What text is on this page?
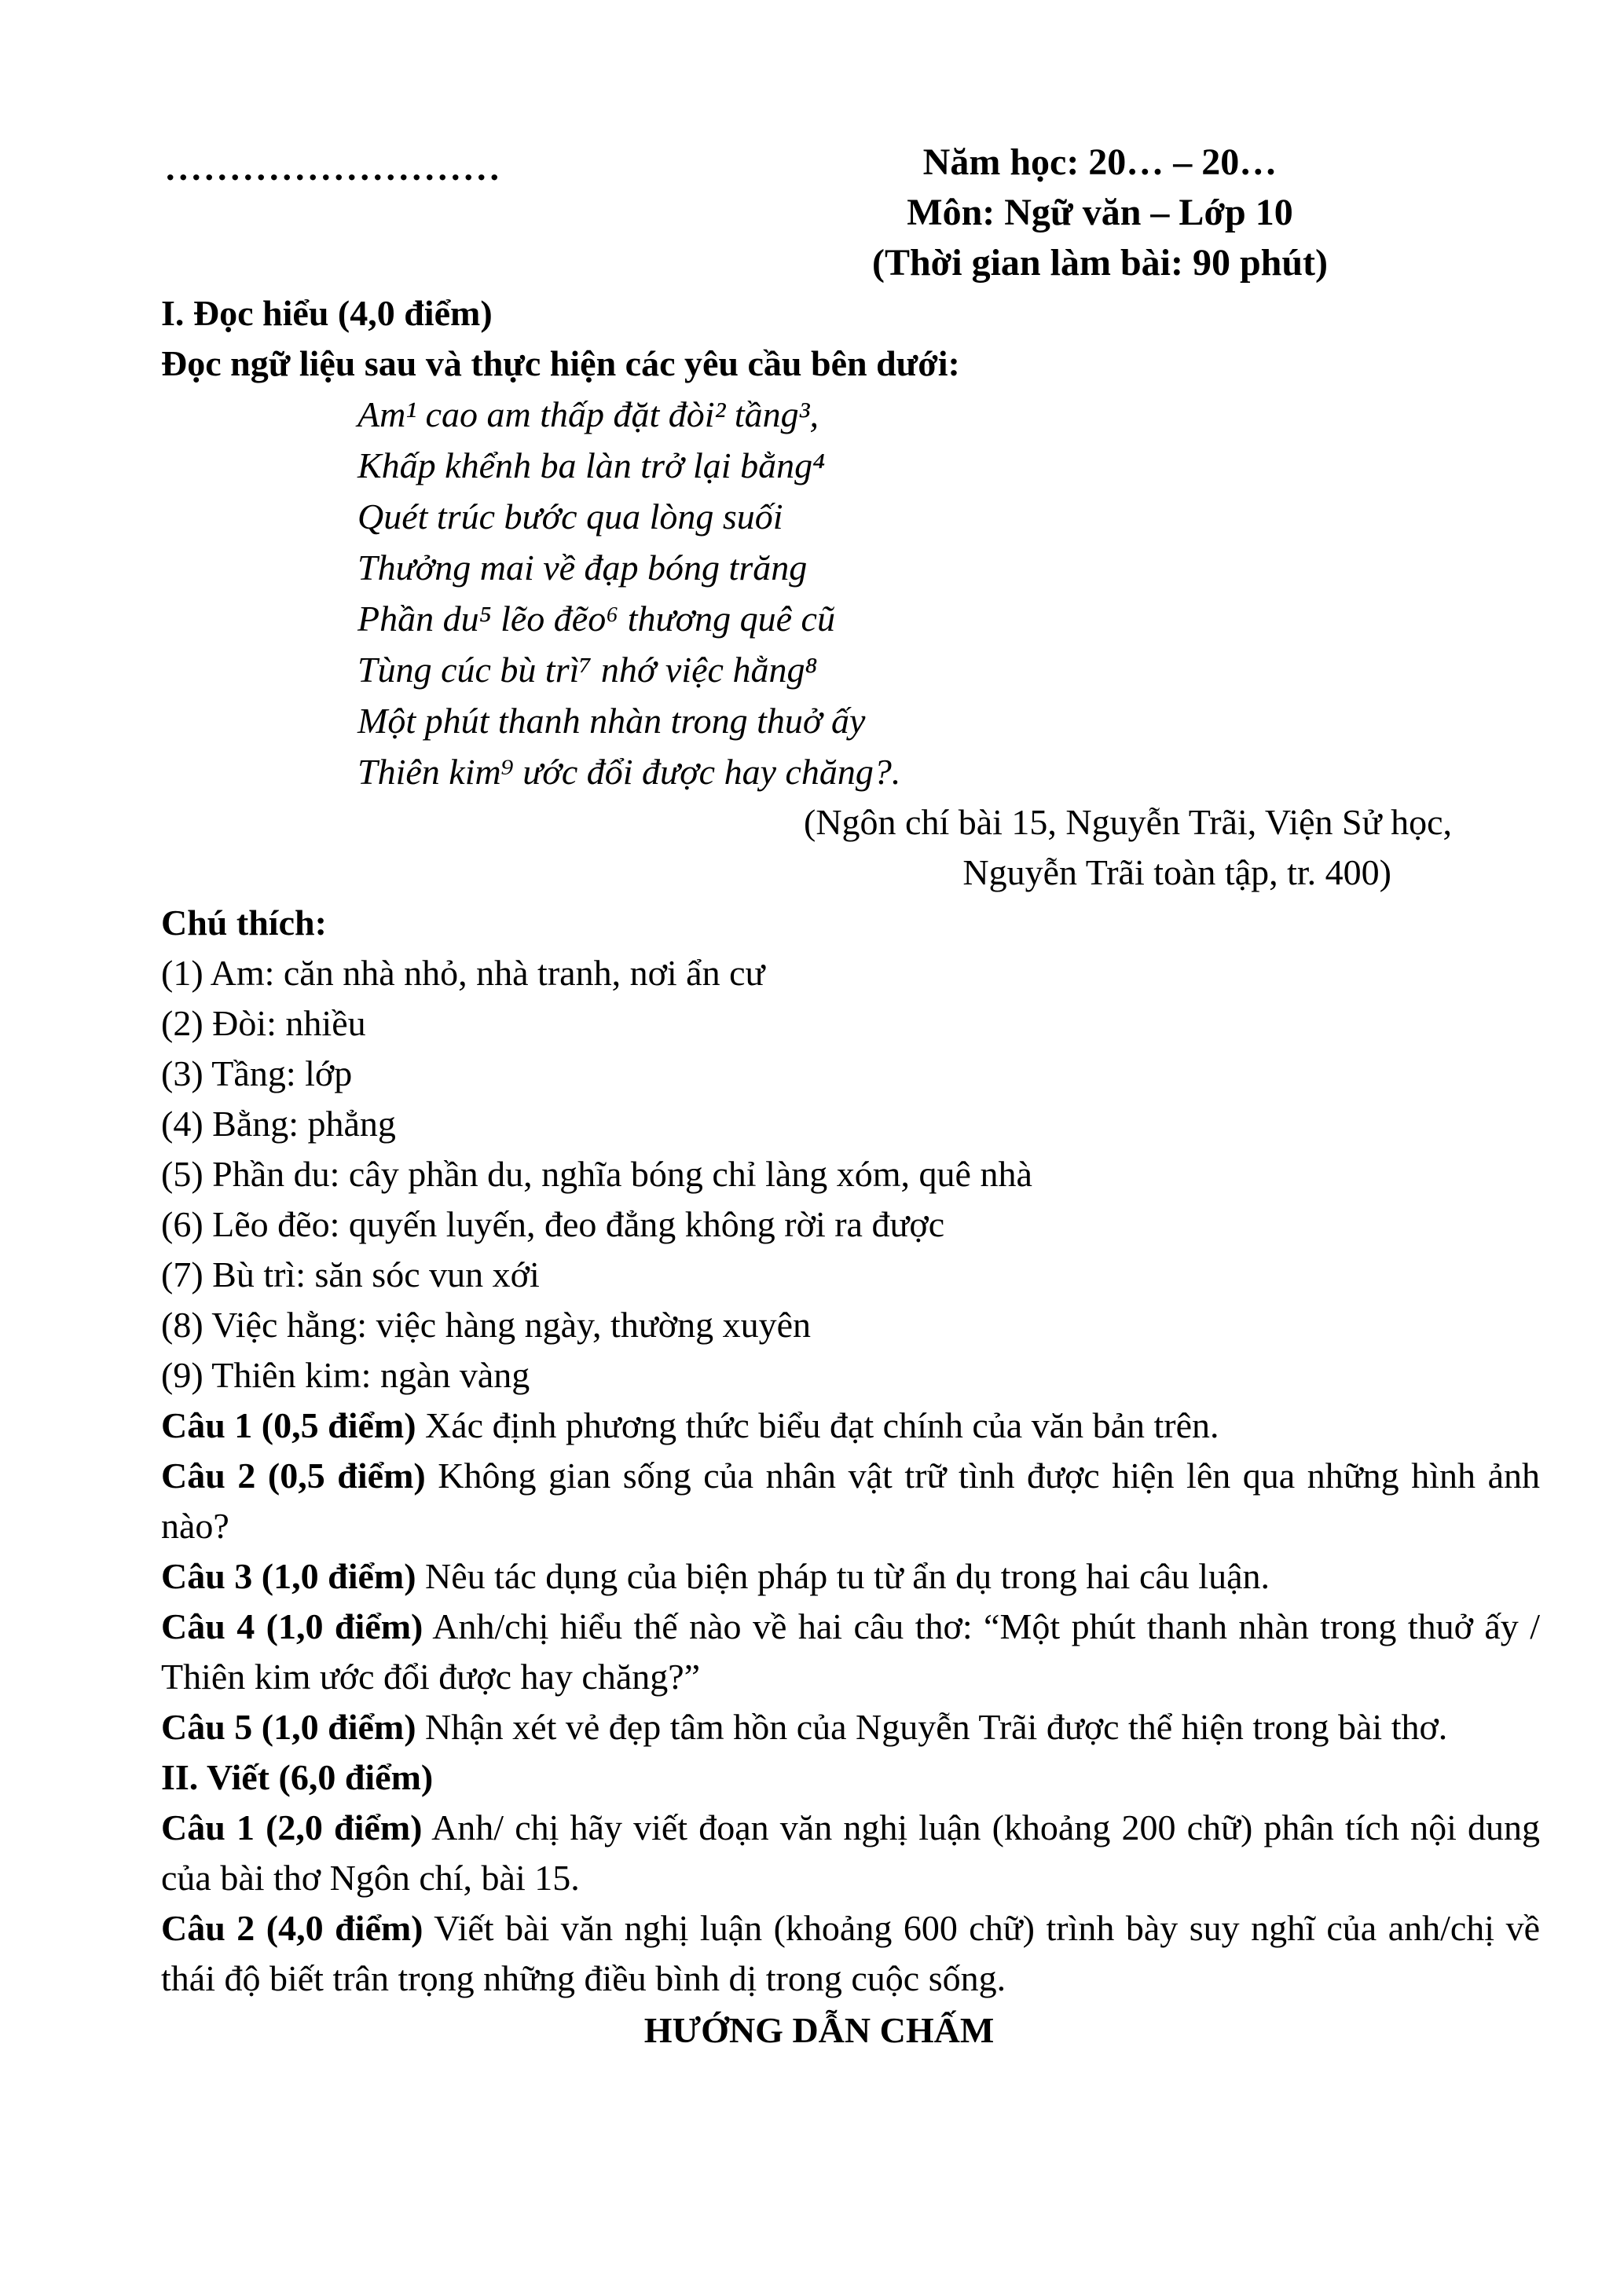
..........................	Năm học: 20… – 20…
Môn: Ngữ văn – Lớp 10
(Thời gian làm bài: 90 phút)
I. Đọc hiểu (4,0 điểm)
Đọc ngữ liệu sau và thực hiện các yêu cầu bên dưới:
Am¹ cao am thấp đặt đòi² tầng³,
Khấp khểnh ba làn trở lại bằng⁴
Quét trúc bước qua lòng suối
Thưởng mai về đạp bóng trăng
Phần du⁵ lẽo đẽo⁶ thương quê cũ
Tùng cúc bù trì⁷ nhớ việc hằng⁸
Một phút thanh nhàn trong thuở ấy
Thiên kim⁹ ước đổi được hay chăng?.
(Ngôn chí bài 15, Nguyễn Trãi, Viện Sử học,
Nguyễn Trãi toàn tập, tr. 400)
Chú thích:
(1) Am: căn nhà nhỏ, nhà tranh, nơi ẩn cư
(2) Đòi: nhiều
(3) Tầng: lớp
(4) Bằng: phẳng
(5) Phần du: cây phần du, nghĩa bóng chỉ làng xóm, quê nhà
(6) Lẽo đẽo: quyến luyến, đeo đẳng không rời ra được
(7) Bù trì: săn sóc vun xới
(8) Việc hằng: việc hàng ngày, thường xuyên
(9) Thiên kim: ngàn vàng

Câu 1 (0,5 điểm) Xác định phương thức biểu đạt chính của văn bản trên.

Câu 2 (0,5 điểm) Không gian sống của nhân vật trữ tình được hiện lên qua những hình ảnh nào?

Câu 3 (1,0 điểm) Nêu tác dụng của biện pháp tu từ ẩn dụ trong hai câu luận.

Câu 4 (1,0 điểm) Anh/chị hiểu thế nào về hai câu thơ: “Một phút thanh nhàn trong thuở ấy / Thiên kim ước đổi được hay chăng?”

Câu 5 (1,0 điểm) Nhận xét vẻ đẹp tâm hồn của Nguyễn Trãi được thể hiện trong bài thơ.

II. Viết (6,0 điểm)

Câu 1 (2,0 điểm) Anh/ chị hãy viết đoạn văn nghị luận (khoảng 200 chữ) phân tích nội dung của bài thơ Ngôn chí, bài 15.

Câu 2 (4,0 điểm) Viết bài văn nghị luận (khoảng 600 chữ) trình bày suy nghĩ của anh/chị về thái độ biết trân trọng những điều bình dị trong cuộc sống.

HƯỚNG DẪN CHẤM
